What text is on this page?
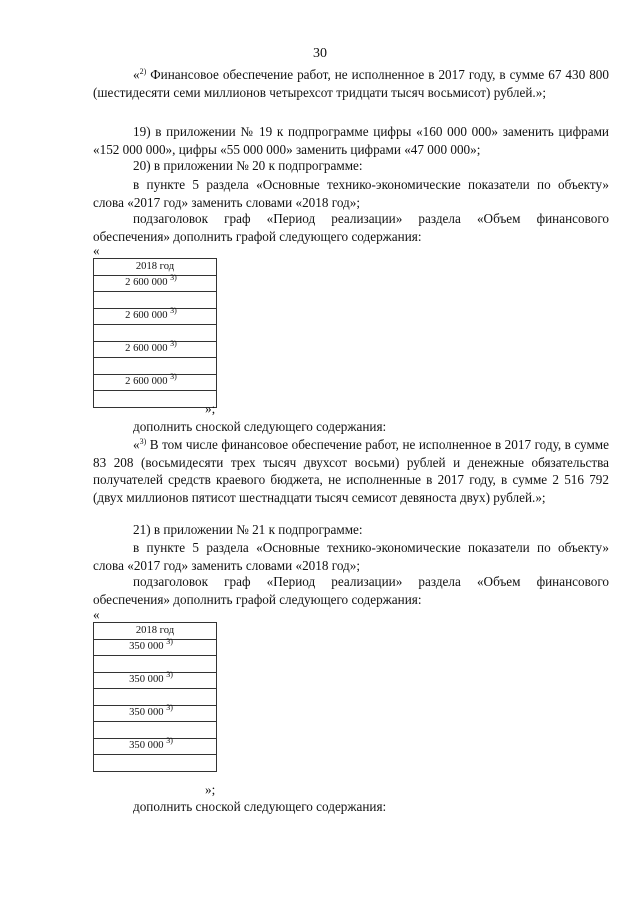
30

«$^{2)}$ Финансовое обеспечение работ, не исполненное в 2017 году, в сумме 67 430 800 (шестидесяти семи миллионов четырехсот тридцати тысяч восьмисот) рублей.»;

19) в приложении № 19 к подпрограмме цифры «160 000 000» заменить цифрами «152 000 000», цифры «55 000 000» заменить цифрами «47 000 000»;

20) в приложении № 20 к подпрограмме:

в пункте 5 раздела «Основные технико-экономические показатели по объекту» слова «2017 год» заменить словами «2018 год»;

подзаголовок граф «Период реализации» раздела «Объем финансового обеспечения» дополнить графой следующего содержания:

«
2018 год
2 600 000 $^{3)}$

2 600 000 $^{3)}$

2 600 000 $^{3)}$

2 600 000 $^{3)}$

»;

дополнить сноской следующего содержания:

«$^{3)}$ В том числе финансовое обеспечение работ, не исполненное в 2017 году, в сумме 83 208 (восьмидесяти трех тысяч двухсот восьми) рублей и денежные обязательства получателей средств краевого бюджета, не исполненные в 2017 году, в сумме 2 516 792 (двух миллионов пятисот шестнадцати тысяч семисот девяноста двух) рублей.»;

21) в приложении № 21 к подпрограмме:

в пункте 5 раздела «Основные технико-экономические показатели по объекту» слова «2017 год» заменить словами «2018 год»;

подзаголовок граф «Период реализации» раздела «Объем финансового обеспечения» дополнить графой следующего содержания:

«
2018 год
350 000 $^{3)}$

350 000 $^{3)}$

350 000 $^{3)}$

350 000 $^{3)}$

»;

дополнить сноской следующего содержания:
